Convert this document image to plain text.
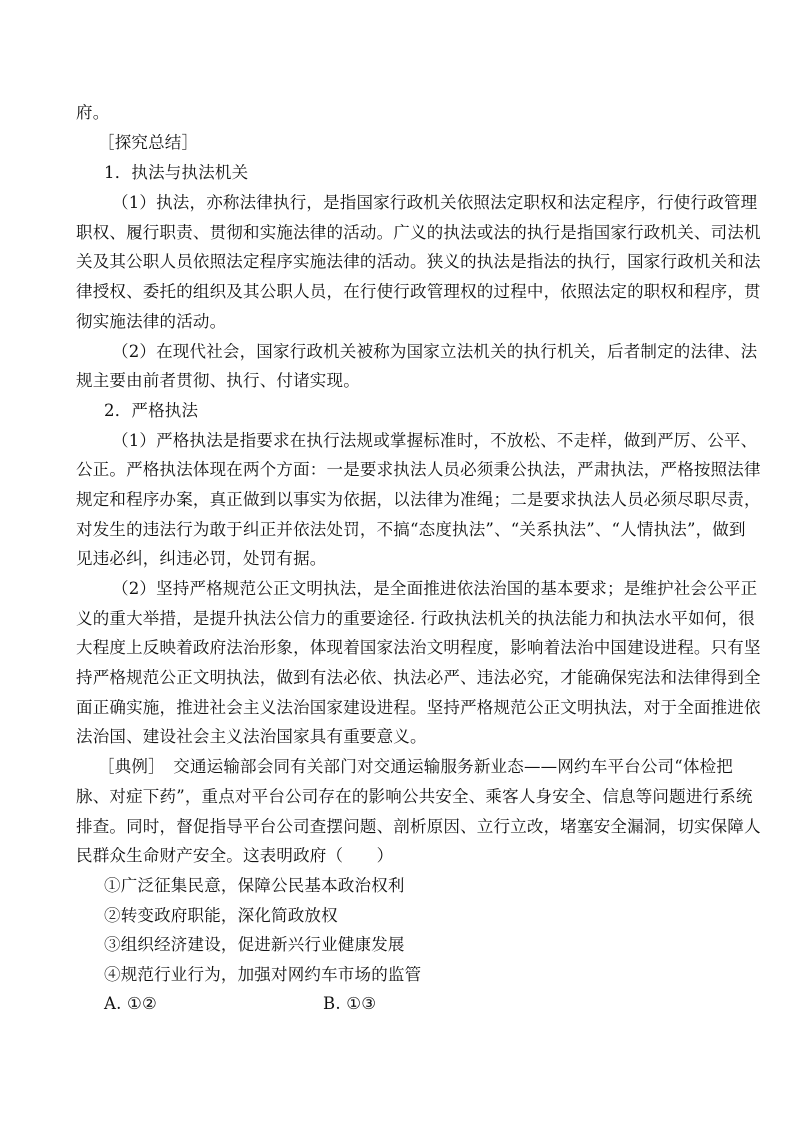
府。
［探究总结］
1．执法与执法机关
（1）执法，亦称法律执行，是指国家行政机关依照法定职权和法定程序，行使行政管理
职权、履行职责、贯彻和实施法律的活动。广义的执法或法的执行是指国家行政机关、司法机
关及其公职人员依照法定程序实施法律的活动。狭义的执法是指法的执行，国家行政机关和法
律授权、委托的组织及其公职人员，在行使行政管理权的过程中，依照法定的职权和程序，贯
彻实施法律的活动。
（2）在现代社会，国家行政机关被称为国家立法机关的执行机关，后者制定的法律、法
规主要由前者贯彻、执行、付诸实现。
2．严格执法
（1）严格执法是指要求在执行法规或掌握标准时，不放松、不走样，做到严厉、公平、
公正。严格执法体现在两个方面：一是要求执法人员必须秉公执法，严肃执法，严格按照法律
规定和程序办案，真正做到以事实为依据，以法律为准绳；二是要求执法人员必须尽职尽责，
对发生的违法行为敢于纠正并依法处罚，不搞“态度执法”、“关系执法”、“人情执法”，做到
见违必纠，纠违必罚，处罚有据。
（2）坚持严格规范公正文明执法，是全面推进依法治国的基本要求；是维护社会公平正
义的重大举措，是提升执法公信力的重要途径. 行政执法机关的执法能力和执法水平如何，很
大程度上反映着政府法治形象，体现着国家法治文明程度，影响着法治中国建设进程。只有坚
持严格规范公正文明执法，做到有法必依、执法必严、违法必究，才能确保宪法和法律得到全
面正确实施，推进社会主义法治国家建设进程。坚持严格规范公正文明执法，对于全面推进依
法治国、建设社会主义法治国家具有重要意义。
［典例］　交通运输部会同有关部门对交通运输服务新业态——网约车平台公司“体检把
脉、对症下药”，重点对平台公司存在的影响公共安全、乘客人身安全、信息等问题进行系统
排查。同时，督促指导平台公司查摆问题、剖析原因、立行立改，堵塞安全漏洞，切实保障人
民群众生命财产安全。这表明政府（　　）
①广泛征集民意，保障公民基本政治权利
②转变政府职能，深化简政放权
③组织经济建设，促进新兴行业健康发展
④规范行业行为，加强对网约车市场的监管
A. ①②	B. ①③
